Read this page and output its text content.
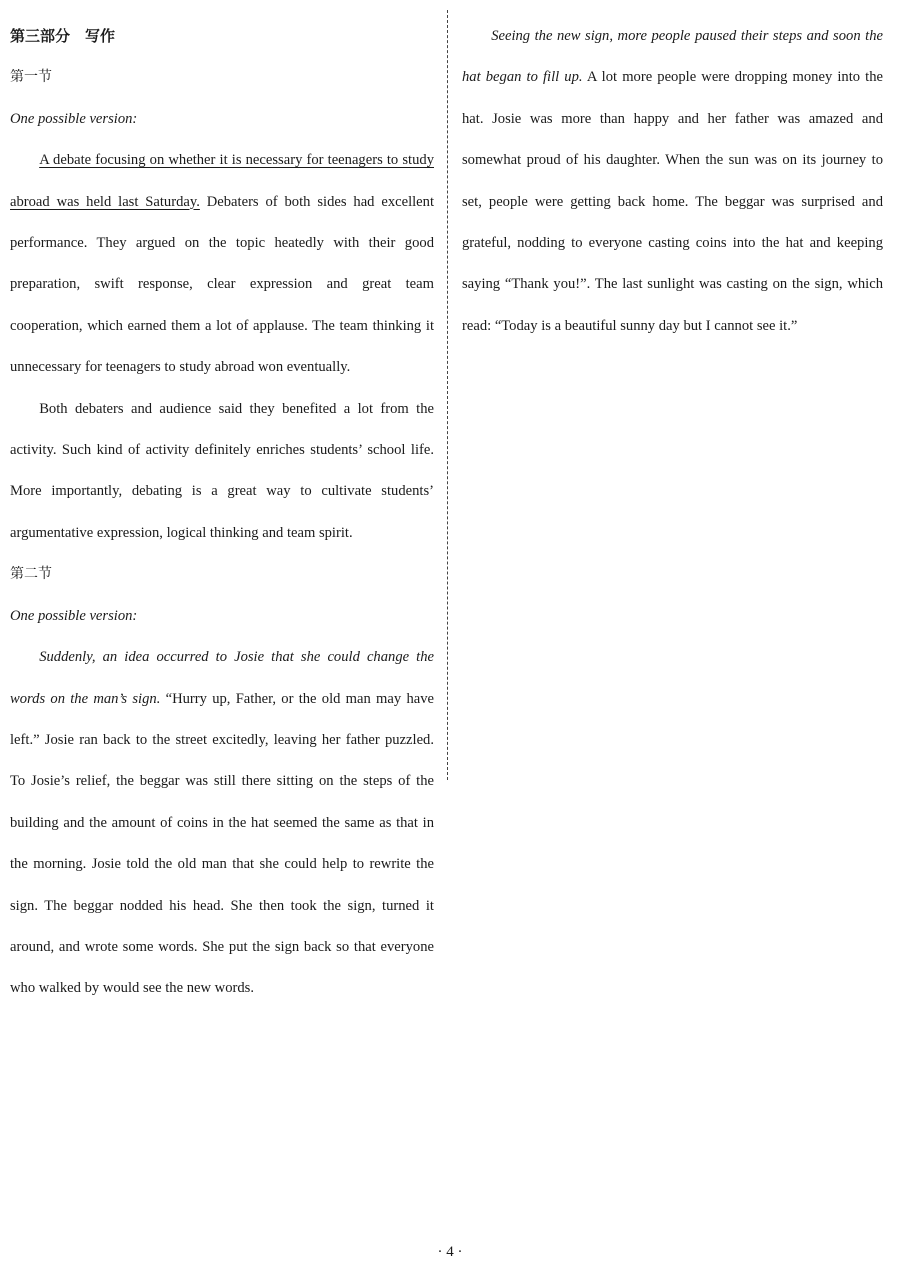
第三部分　写作
第一节
One possible version:

A debate focusing on whether it is necessary for teenagers to study abroad was held last Saturday. Debaters of both sides had excellent performance. They argued on the topic heatedly with their good preparation, swift response, clear expression and great team cooperation, which earned them a lot of applause. The team thinking it unnecessary for teenagers to study abroad won eventually.

Both debaters and audience said they benefited a lot from the activity. Such kind of activity definitely enriches students’ school life. More importantly, debating is a great way to cultivate students’ argumentative expression, logical thinking and team spirit.

第二节
One possible version:

Suddenly, an idea occurred to Josie that she could change the words on the man’s sign. “Hurry up, Father, or the old man may have left.” Josie ran back to the street excitedly, leaving her father puzzled. To Josie’s relief, the beggar was still there sitting on the steps of the building and the amount of coins in the hat seemed the same as that in the morning. Josie told the old man that she could help to rewrite the sign. The beggar nodded his head. She then took the sign, turned it around, and wrote some words. She put the sign back so that everyone who walked by would see the new words.

Seeing the new sign, more people paused their steps and soon the hat began to fill up. A lot more people were dropping money into the hat. Josie was more than happy and her father was amazed and somewhat proud of his daughter. When the sun was on its journey to set, people were getting back home. The beggar was surprised and grateful, nodding to everyone casting coins into the hat and keeping saying “Thank you!”. The last sunlight was casting on the sign, which read: “Today is a beautiful sunny day but I cannot see it.”

· 4 ·
